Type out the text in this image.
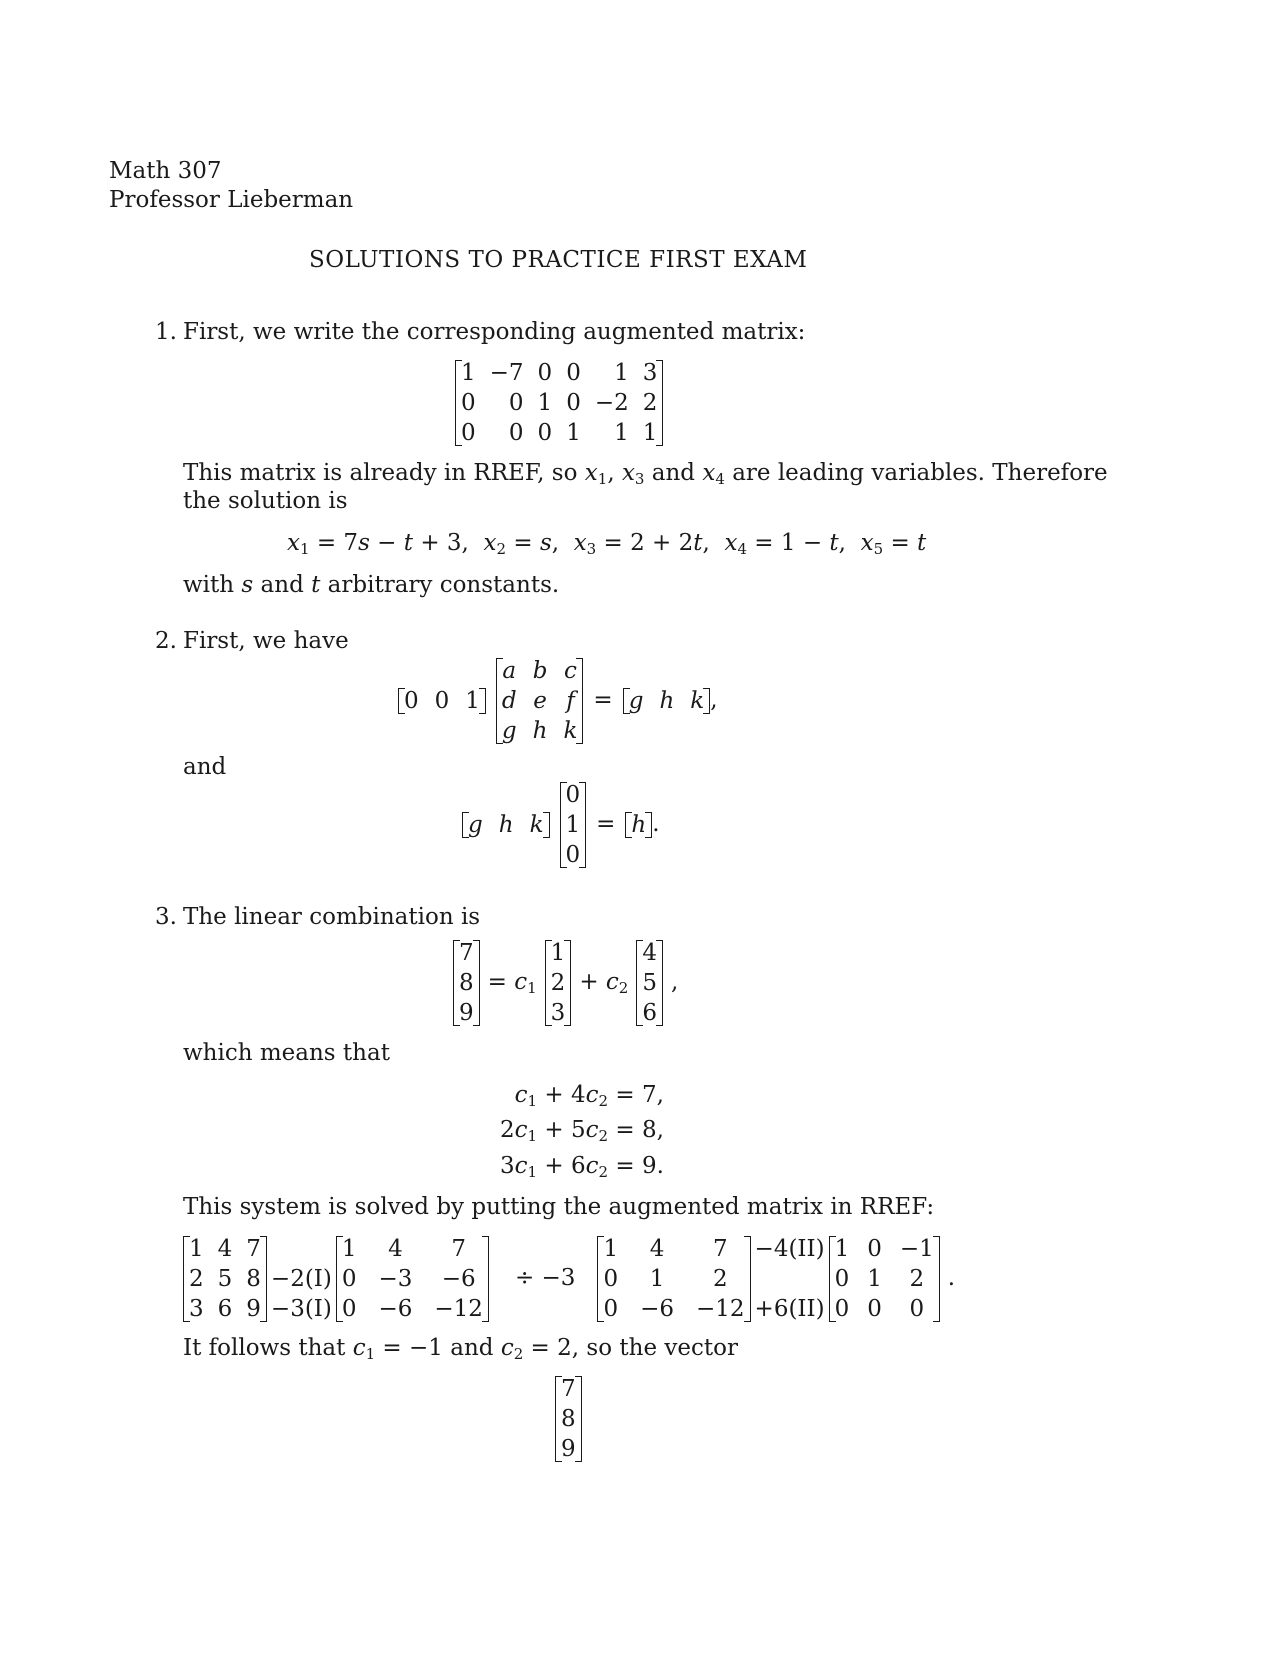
Math 307
Professor Lieberman
SOLUTIONS TO PRACTICE FIRST EXAM
1. First, we write the corresponding augmented matrix:
1 −7 0 0	1 3
0	0 1 0 −2 2
0	0 0 1	1 1
This matrix is already in RREF, so $x_1$, $x_3$ and $x_4$ are leading variables. Therefore
the solution is
$x_1 = 7s - t + 3$,  $x_2 = s$,  $x_3 = 2 + 2t$,  $x_4 = 1 - t$,  $x_5 = t$
with s and t arbitrary constants.
2. First, we have
0 0 1
a b c
d e f
g h k
= g h k ,
and
g h k
0
1
0
= h .
3. The linear combination is
7
8
9
= $c_1$
1
2
3
+ $c_2$
4
5
6
,
which means that
$c_1 + 4c_2 = 7$,
$2c_1 + 5c_2 = 8$,
$3c_1 + 6c_2 = 9$.
This system is solved by putting the augmented matrix in RREF:
1 4 7
2 5 8
3 6 9

−2(I)
−3(I)
1	4	7
0 −3	−6
0 −6 −12
÷ −3
1	4	7
0	1	2
0 −6 −12
−4(II)

+6(II)
1 0 −1
0 1	2
0 0	0
.
It follows that $c_1 = -1$ and $c_2 = 2$, so the vector
7
8
9
